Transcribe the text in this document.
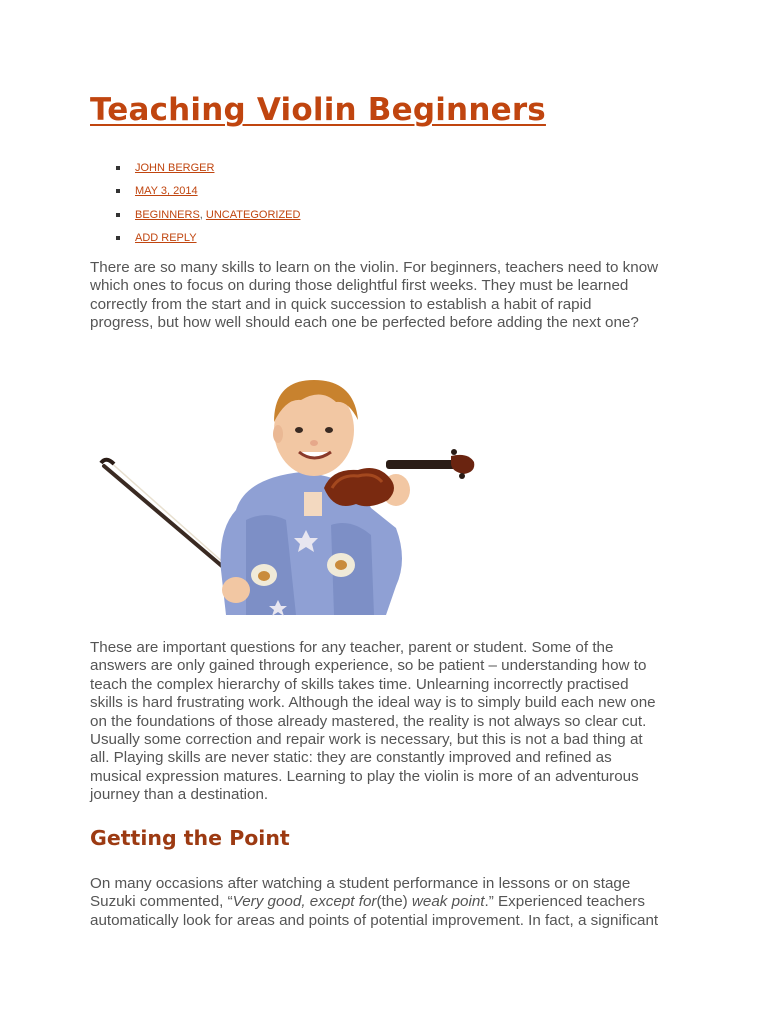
Teaching Violin Beginners
JOHN BERGER
MAY 3, 2014
BEGINNERS, UNCATEGORIZED
ADD REPLY

There are so many skills to learn on the violin. For beginners, teachers need to know
which ones to focus on during those delightful first weeks. They must be learned
correctly from the start and in quick succession to establish a habit of rapid
progress, but how well should each one be perfected before adding the next one?

These are important questions for any teacher, parent or student. Some of the
answers are only gained through experience, so be patient – understanding how to
teach the complex hierarchy of skills takes time. Unlearning incorrectly practised
skills is hard frustrating work. Although the ideal way is to simply build each new one
on the foundations of those already mastered, the reality is not always so clear cut.
Usually some correction and repair work is necessary, but this is not a bad thing at
all. Playing skills are never static: they are constantly improved and refined as
musical expression matures. Learning to play the violin is more of an adventurous
journey than a destination.

Getting the Point

On many occasions after watching a student performance in lessons or on stage
Suzuki commented, “Very good, except for(the) weak point.” Experienced teachers
automatically look for areas and points of potential improvement. In fact, a significant
